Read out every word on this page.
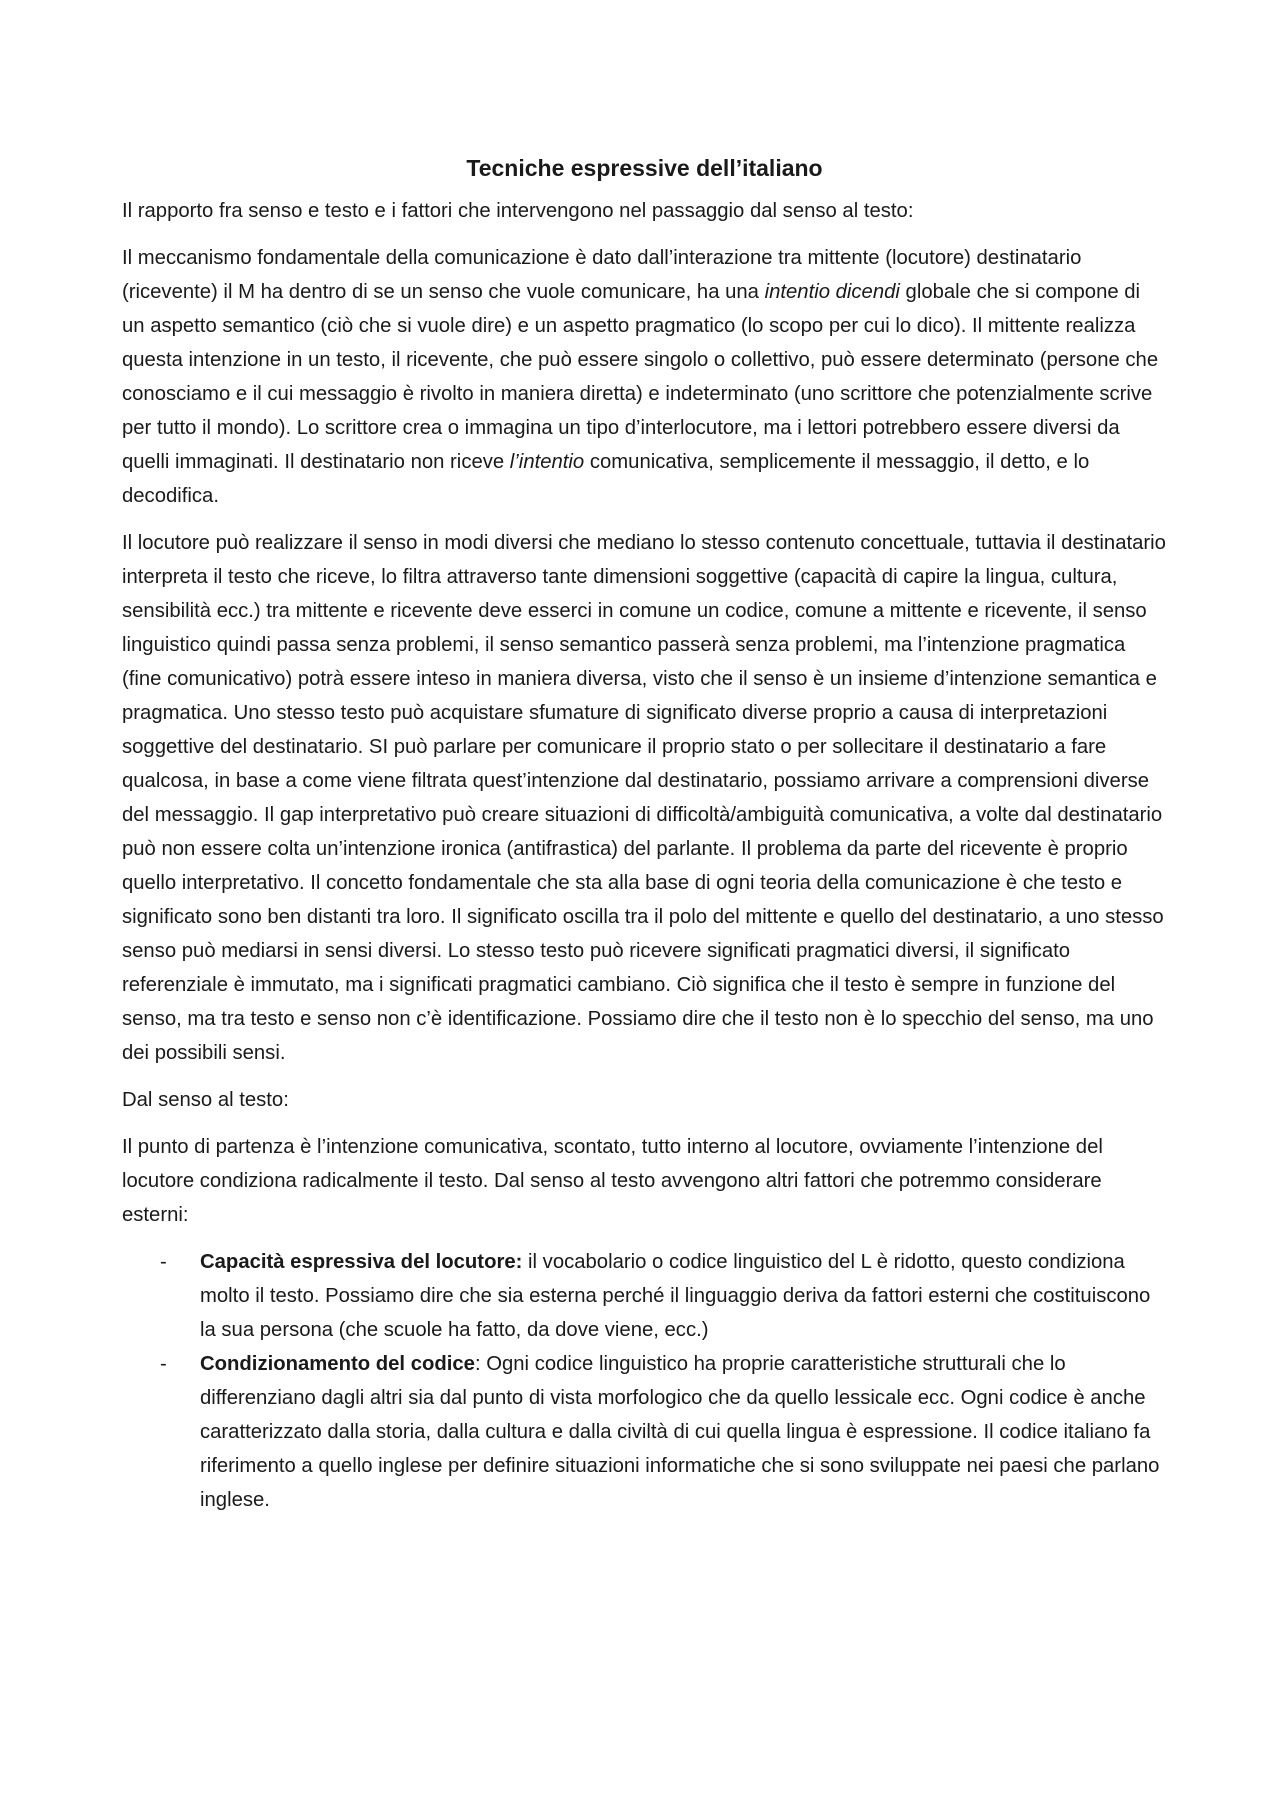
Tecniche espressive dell’italiano

Il rapporto fra senso e testo e i fattori che intervengono nel passaggio dal senso al testo:

Il meccanismo fondamentale della comunicazione è dato dall’interazione tra mittente (locutore) destinatario (ricevente) il M ha dentro di se un senso che vuole comunicare, ha una intentio dicendi globale che si compone di un aspetto semantico (ciò che si vuole dire) e un aspetto pragmatico (lo scopo per cui lo dico). Il mittente realizza questa intenzione in un testo, il ricevente, che può essere singolo o collettivo, può essere determinato (persone che conosciamo e il cui messaggio è rivolto in maniera diretta) e indeterminato (uno scrittore che potenzialmente scrive per tutto il mondo). Lo scrittore crea o immagina un tipo d’interlocutore, ma i lettori potrebbero essere diversi da quelli immaginati. Il destinatario non riceve l’intentio comunicativa, semplicemente il messaggio, il detto, e lo decodifica.

Il locutore può realizzare il senso in modi diversi che mediano lo stesso contenuto concettuale, tuttavia il destinatario interpreta il testo che riceve, lo filtra attraverso tante dimensioni soggettive (capacità di capire la lingua, cultura, sensibilità ecc.) tra mittente e ricevente deve esserci in comune un codice, comune a mittente e ricevente, il senso linguistico quindi passa senza problemi, il senso semantico passerà senza problemi, ma l’intenzione pragmatica (fine comunicativo) potrà essere inteso in maniera diversa, visto che il senso è un insieme d’intenzione semantica e pragmatica. Uno stesso testo può acquistare sfumature di significato diverse proprio a causa di interpretazioni soggettive del destinatario. SI può parlare per comunicare il proprio stato o per sollecitare il destinatario a fare qualcosa, in base a come viene filtrata quest’intenzione dal destinatario, possiamo arrivare a comprensioni diverse del messaggio. Il gap interpretativo può creare situazioni di difficoltà/ambiguità comunicativa, a volte dal destinatario può non essere colta un’intenzione ironica (antifrastica) del parlante. Il problema da parte del ricevente è proprio quello interpretativo. Il concetto fondamentale che sta alla base di ogni teoria della comunicazione è che testo e significato sono ben distanti tra loro. Il significato oscilla tra il polo del mittente e quello del destinatario, a uno stesso senso può mediarsi in sensi diversi. Lo stesso testo può ricevere significati pragmatici diversi, il significato referenziale è immutato, ma i significati pragmatici cambiano. Ciò significa che il testo è sempre in funzione del senso, ma tra testo e senso non c’è identificazione. Possiamo dire che il testo non è lo specchio del senso, ma uno dei possibili sensi.

Dal senso al testo:

Il punto di partenza è l’intenzione comunicativa, scontato, tutto interno al locutore, ovviamente l’intenzione del locutore condiziona radicalmente il testo. Dal senso al testo avvengono altri fattori che potremmo considerare esterni:

- Capacità espressiva del locutore: il vocabolario o codice linguistico del L è ridotto, questo condiziona molto il testo. Possiamo dire che sia esterna perché il linguaggio deriva da fattori esterni che costituiscono la sua persona (che scuole ha fatto, da dove viene, ecc.)
- Condizionamento del codice: Ogni codice linguistico ha proprie caratteristiche strutturali che lo differenziano dagli altri sia dal punto di vista morfologico che da quello lessicale ecc. Ogni codice è anche caratterizzato dalla storia, dalla cultura e dalla civiltà di cui quella lingua è espressione. Il codice italiano fa riferimento a quello inglese per definire situazioni informatiche che si sono sviluppate nei paesi che parlano inglese.
